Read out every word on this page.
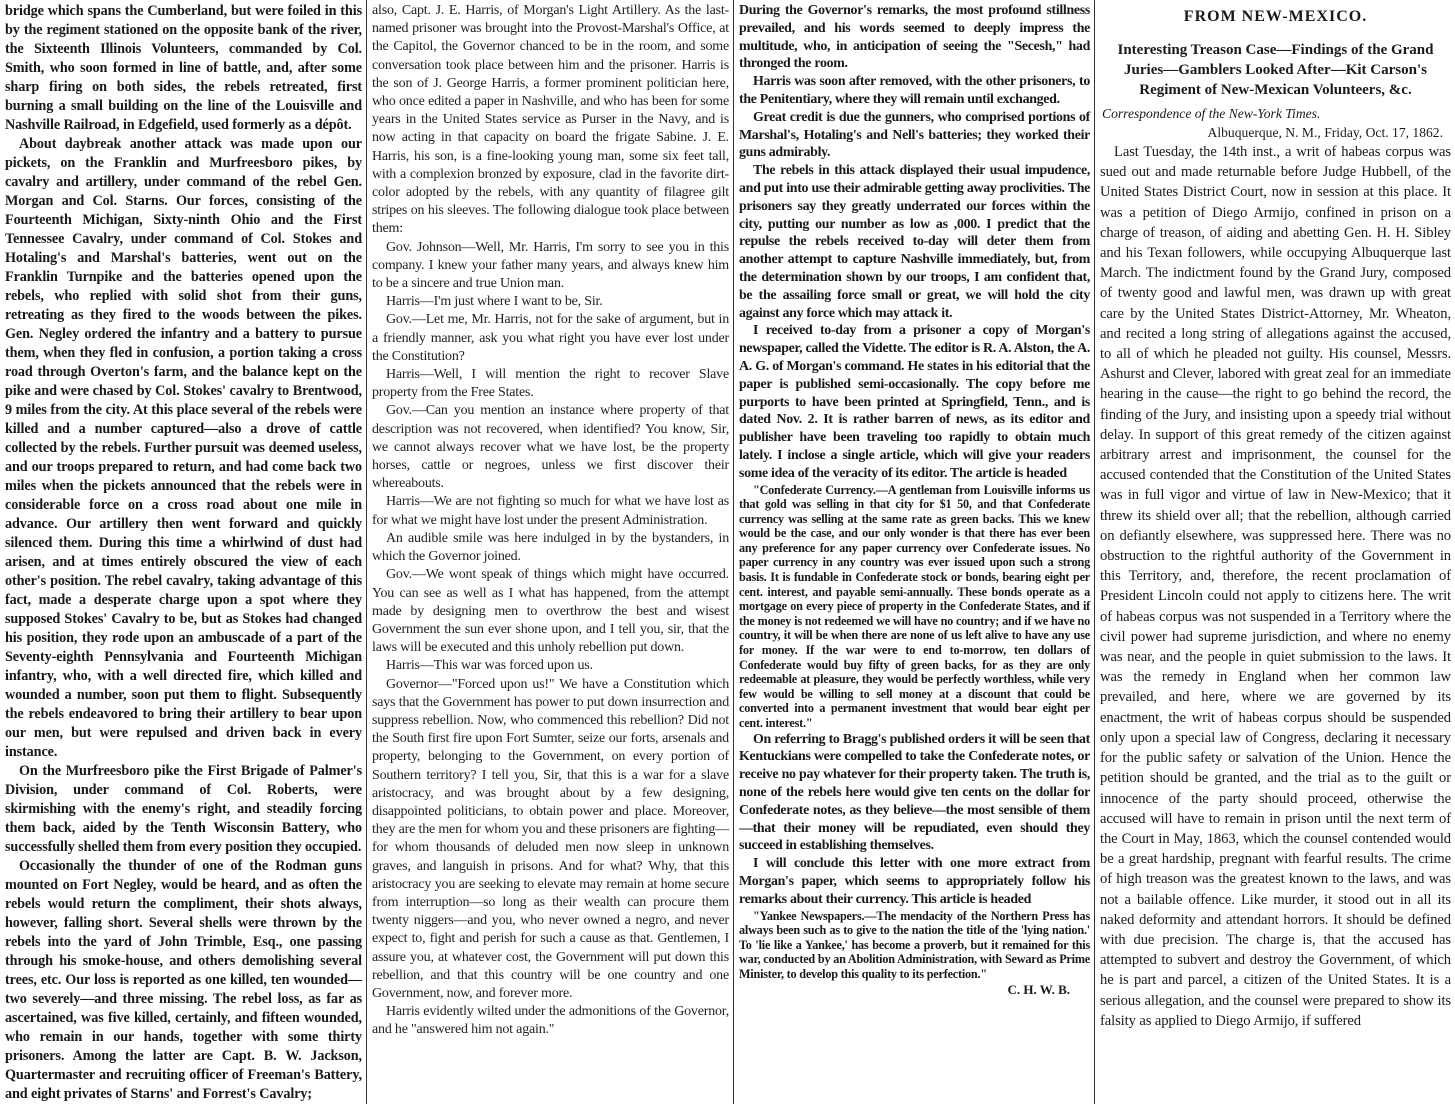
bridge which spans the Cumberland, but were foiled in this by the regiment stationed on the opposite bank of the river, the Sixteenth Illinois Volunteers, commanded by Col. Smith, who soon formed in line of battle, and, after some sharp firing on both sides, the rebels retreated, first burning a small building on the line of the Louisville and Nashville Railroad, in Edgefield, used formerly as a dépôt.

About daybreak another attack was made upon our pickets, on the Franklin and Murfreesboro pikes, by cavalry and artillery, under command of the rebel Gen. Morgan and Col. Starns. Our forces, consisting of the Fourteenth Michigan, Sixty-ninth Ohio and the First Tennessee Cavalry, under command of Col. Stokes and Hotaling's and Marshal's batteries, went out on the Franklin Turnpike and the batteries opened upon the rebels, who replied with solid shot from their guns, retreating as they fired to the woods between the pikes. Gen. Negley ordered the infantry and a battery to pursue them, when they fled in confusion, a portion taking a cross road through Overton's farm, and the balance kept on the pike and were chased by Col. Stokes' cavalry to Brentwood, 9 miles from the city. At this place several of the rebels were killed and a number captured—also a drove of cattle collected by the rebels. Further pursuit was deemed useless, and our troops prepared to return, and had come back two miles when the pickets announced that the rebels were in considerable force on a cross road about one mile in advance. Our artillery then went forward and quickly silenced them. During this time a whirlwind of dust had arisen, and at times entirely obscured the view of each other's position. The rebel cavalry, taking advantage of this fact, made a desperate charge upon a spot where they supposed Stokes' Cavalry to be, but as Stokes had changed his position, they rode upon an ambuscade of a part of the Seventy-eighth Pennsylvania and Fourteenth Michigan infantry, who, with a well directed fire, which killed and wounded a number, soon put them to flight. Subsequently the rebels endeavored to bring their artillery to bear upon our men, but were repulsed and driven back in every instance.

On the Murfreesboro pike the First Brigade of Palmer's Division, under command of Col. Roberts, were skirmishing with the enemy's right, and steadily forcing them back, aided by the Tenth Wisconsin Battery, who successfully shelled them from every position they occupied.

Occasionally the thunder of one of the Rodman guns mounted on Fort Negley, would be heard, and as often the rebels would return the compliment, their shots always, however, falling short. Several shells were thrown by the rebels into the yard of John Trimble, Esq., one passing through his smoke-house, and others demolishing several trees, etc. Our loss is reported as one killed, ten wounded—two severely—and three missing. The rebel loss, as far as ascertained, was five killed, certainly, and fifteen wounded, who remain in our hands, together with some thirty prisoners. Among the latter are Capt. B. W. Jackson, Quartermaster and recruiting officer of Freeman's Battery, and eight privates of Starns' and Forrest's Cavalry;

also, Capt. J. E. Harris, of Morgan's Light Artillery. As the last-named prisoner was brought into the Provost-Marshal's Office, at the Capitol, the Governor chanced to be in the room, and some conversation took place between him and the prisoner. Harris is the son of J. George Harris, a former prominent politician here, who once edited a paper in Nashville, and who has been for some years in the United States service as Purser in the Navy, and is now acting in that capacity on board the frigate Sabine. J. E. Harris, his son, is a fine-looking young man, some six feet tall, with a complexion bronzed by exposure, clad in the favorite dirt-color adopted by the rebels, with any quantity of filagree gilt stripes on his sleeves. The following dialogue took place between them:

Gov. Johnson—Well, Mr. Harris, I'm sorry to see you in this company. I knew your father many years, and always knew him to be a sincere and true Union man.

Harris—I'm just where I want to be, Sir.

Gov.—Let me, Mr. Harris, not for the sake of argument, but in a friendly manner, ask you what right you have ever lost under the Constitution?

Harris—Well, I will mention the right to recover Slave property from the Free States.

Gov.—Can you mention an instance where property of that description was not recovered, when identified? You know, Sir, we cannot always recover what we have lost, be the property horses, cattle or negroes, unless we first discover their whereabouts.

Harris—We are not fighting so much for what we have lost as for what we might have lost under the present Administration.

An audible smile was here indulged in by the bystanders, in which the Governor joined.

Gov.—We wont speak of things which might have occurred. You can see as well as I what has happened, from the attempt made by designing men to overthrow the best and wisest Government the sun ever shone upon, and I tell you, sir, that the laws will be executed and this unholy rebellion put down.

Harris—This war was forced upon us.

Governor—"Forced upon us!" We have a Constitution which says that the Government has power to put down insurrection and suppress rebellion. Now, who commenced this rebellion? Did not the South first fire upon Fort Sumter, seize our forts, arsenals and property, belonging to the Government, on every portion of Southern territory? I tell you, Sir, that this is a war for a slave aristocracy, and was brought about by a few designing, disappointed politicians, to obtain power and place. Moreover, they are the men for whom you and these prisoners are fighting—for whom thousands of deluded men now sleep in unknown graves, and languish in prisons. And for what? Why, that this aristocracy you are seeking to elevate may remain at home secure from interruption—so long as their wealth can procure them twenty niggers—and you, who never owned a negro, and never expect to, fight and perish for such a cause as that. Gentlemen, I assure you, at whatever cost, the Government will put down this rebellion, and that this country will be one country and one Government, now, and forever more.

Harris evidently wilted under the admonitions of the Governor, and he "answered him not again."

During the Governor's remarks, the most profound stillness prevailed, and his words seemed to deeply impress the multitude, who, in anticipation of seeing the "Secesh," had thronged the room.

Harris was soon after removed, with the other prisoners, to the Penitentiary, where they will remain until exchanged.

Great credit is due the gunners, who comprised portions of Marshal's, Hotaling's and Nell's batteries; they worked their guns admirably.

The rebels in this attack displayed their usual impudence, and put into use their admirable getting away proclivities. The prisoners say they greatly underrated our forces within the city, putting our number as low as ,000. I predict that the repulse the rebels received to-day will deter them from another attempt to capture Nashville immediately, but, from the determination shown by our troops, I am confident that, be the assailing force small or great, we will hold the city against any force which may attack it.

I received to-day from a prisoner a copy of Morgan's newspaper, called the Vidette. The editor is R. A. Alston, the A. A. G. of Morgan's command. He states in his editorial that the paper is published semi-occasionally. The copy before me purports to have been printed at Springfield, Tenn., and is dated Nov. 2. It is rather barren of news, as its editor and publisher have been traveling too rapidly to obtain much lately. I inclose a single article, which will give your readers some idea of the veracity of its editor. The article is headed

"Confederate Currency.—A gentleman from Louisville informs us that gold was selling in that city for $1 50, and that Confederate currency was selling at the same rate as green backs. This we knew would be the case, and our only wonder is that there has ever been any preference for any paper currency over Confederate issues. No paper currency in any country was ever issued upon such a strong basis. It is fundable in Confederate stock or bonds, bearing eight per cent. interest, and payable semi-annually. These bonds operate as a mortgage on every piece of property in the Confederate States, and if the money is not redeemed we will have no country; and if we have no country, it will be when there are none of us left alive to have any use for money. If the war were to end to-morrow, ten dollars of Confederate would buy fifty of green backs, for as they are only redeemable at pleasure, they would be perfectly worthless, while very few would be willing to sell money at a discount that could be converted into a permanent investment that would bear eight per cent. interest."

On referring to Bragg's published orders it will be seen that Kentuckians were compelled to take the Confederate notes, or receive no pay whatever for their property taken. The truth is, none of the rebels here would give ten cents on the dollar for Confederate notes, as they believe—the most sensible of them—that their money will be repudiated, even should they succeed in establishing themselves.

I will conclude this letter with one more extract from Morgan's paper, which seems to appropriately follow his remarks about their currency. This article is headed

"Yankee Newspapers.—The mendacity of the Northern Press has always been such as to give to the nation the title of the 'lying nation.' To 'lie like a Yankee,' has become a proverb, but it remained for this war, conducted by an Abolition Administration, with Seward as Prime Minister, to develop this quality to its perfection."

C. H. W. B.
FROM NEW-MEXICO.
Interesting Treason Case—Findings of the Grand Juries—Gamblers Looked After—Kit Carson's Regiment of New-Mexican Volunteers, &c.
Correspondence of the New-York Times.
Albuquerque, N. M., Friday, Oct. 17, 1862.

Last Tuesday, the 14th inst., a writ of habeas corpus was sued out and made returnable before Judge Hubbell, of the United States District Court, now in session at this place. It was a petition of Diego Armijo, confined in prison on a charge of treason, of aiding and abetting Gen. H. H. Sibley and his Texan followers, while occupying Albuquerque last March. The indictment found by the Grand Jury, composed of twenty good and lawful men, was drawn up with great care by the United States District-Attorney, Mr. Wheaton, and recited a long string of allegations against the accused, to all of which he pleaded not guilty. His counsel, Messrs. Ashurst and Clever, labored with great zeal for an immediate hearing in the cause—the right to go behind the record, the finding of the Jury, and insisting upon a speedy trial without delay. In support of this great remedy of the citizen against arbitrary arrest and imprisonment, the counsel for the accused contended that the Constitution of the United States was in full vigor and virtue of law in New-Mexico; that it threw its shield over all; that the rebellion, although carried on defiantly elsewhere, was suppressed here. There was no obstruction to the rightful authority of the Government in this Territory, and, therefore, the recent proclamation of President Lincoln could not apply to citizens here. The writ of habeas corpus was not suspended in a Territory where the civil power had supreme jurisdiction, and where no enemy was near, and the people in quiet submission to the laws. It was the remedy in England when her common law prevailed, and here, where we are governed by its enactment, the writ of habeas corpus should be suspended only upon a special law of Congress, declaring it necessary for the public safety or salvation of the Union. Hence the petition should be granted, and the trial as to the guilt or innocence of the party should proceed, otherwise the accused will have to remain in prison until the next term of the Court in May, 1863, which the counsel contended would be a great hardship, pregnant with fearful results. The crime of high treason was the greatest known to the laws, and was not a bailable offence. Like murder, it stood out in all its naked deformity and attendant horrors. It should be defined with due precision. The charge is, that the accused has attempted to subvert and destroy the Government, of which he is part and parcel, a citizen of the United States. It is a serious allegation, and the counsel were prepared to show its falsity as applied to Diego Armijo, if suffered
